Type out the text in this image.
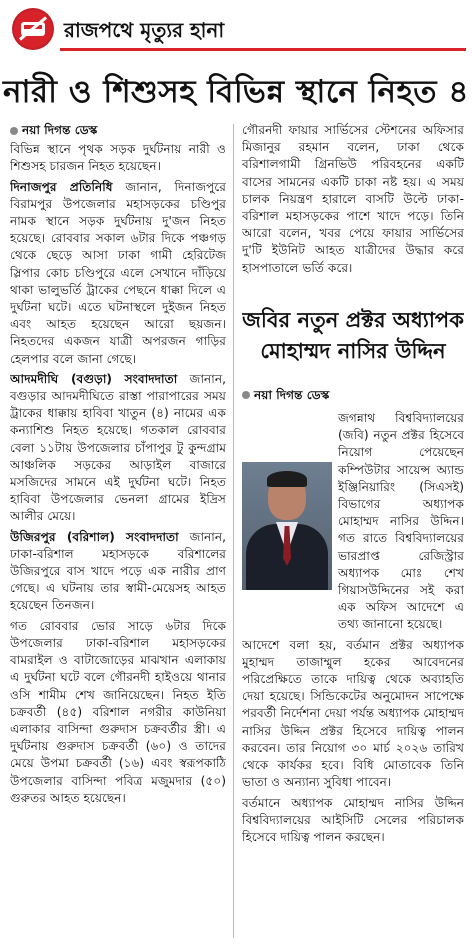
রাজপথে মৃত্যুর হানা
নারী ও শিশুসহ বিভিন্ন স্থানে নিহত ৪
নয়া দিগন্ত ডেস্ক

বিভিন্ন স্থানে পৃথক সড়ক দুর্ঘটনায় নারী ও শিশুসহ চারজন নিহত হয়েছেন।

দিনাজপুর প্রতিনিধি জানান, দিনাজপুরে বিরামপুর উপজেলার মহাসড়কের চণ্ডিপুর নামক স্থানে সড়ক দুর্ঘটনায় দু'জন নিহত হয়েছে। রোববার সকাল ৬টার দিকে পঞ্চগড় থেকে ছেড়ে আসা ঢাকা গামী হেরিটেজ স্লিপার কোচ চণ্ডিপুরে এলে সেখানে দাঁড়িয়ে থাকা ভালুভর্তি ট্রাকের পেছনে ধাক্কা দিলে এ দুর্ঘটনা ঘটে। এতে ঘটনাস্থলে দুইজন নিহত এবং আহত হয়েছেন আরো ছয়জন। নিহতদের একজন যাত্রী অপরজন গাড়ির হেলপার বলে জানা গেছে।

আদমদীঘি (বগুড়া) সংবাদদাতা জানান, বগুড়ার আদমদীঘিতে রাস্তা পারাপারের সময় ট্রাকের ধাক্কায় হাবিবা খাতুন (৪) নামের এক কন্যাশিশু নিহত হয়েছে। গতকাল রোববার বেলা ১১টায় উপজেলার চাঁপাপুর টু কুন্দগ্রাম আঞ্চলিক সড়কের আড়াইল বাজারে মসজিদের সামনে এই দুর্ঘটনা ঘটে। নিহত হাবিবা উপজেলার ভেনলা গ্রামের ইদ্রিস আলীর মেয়ে।

উজিরপুর (বরিশাল) সংবাদদাতা জানান, ঢাকা-বরিশাল মহাসড়কে বরিশালের উজিরপুরে বাস খাদে পড়ে এক নারীর প্রাণ গেছে। এ ঘটনায় তার স্বামী-মেয়েসহ আহত হয়েছেন তিনজন।

গত রোববার ভোর সাড়ে ৬টার দিকে উপজেলার ঢাকা-বরিশাল মহাসড়কের বামরাইল ও বাটাজোড়ের মাঝখান এলাকায় এ দুর্ঘটনা ঘটে বলে গৌরনদী হাইওয়ে থানার ওসি শামীম শেখ জানিয়েছেন। নিহত ইতি চক্রবর্তী (৪৫) বরিশাল নগরীর কাউনিয়া এলাকার বাসিন্দা গুরুদাস চক্রবর্তীর স্ত্রী। এ দুর্ঘটনায় গুরুদাস চক্রবর্তী (৬০) ও তাদের মেয়ে উপমা চক্রবর্তী (১৬) এবং স্বরূপকাঠি উপজেলার বাসিন্দা পবিত্র মজুমদার (৫০) গুরুতর আহত হয়েছেন।

গৌরনদী ফায়ার সার্ভিসের স্টেশনের অফিসার মিজানুর রহমান বলেন, ঢাকা থেকে বরিশালগামী গ্রিনভিউ পরিবহনের একটি বাসের সামনের একটি চাকা নষ্ট হয়। এ সময় চালক নিয়ন্ত্রণ হারালে বাসটি উল্টে ঢাকা-বরিশাল মহাসড়কের পাশে খাদে পড়ে। তিনি আরো বলেন, খবর পেয়ে ফায়ার সার্ভিসের দু'টি ইউনিট আহত যাত্রীদের উদ্ধার করে হাসপাতালে ভর্তি করে।

জবির নতুন প্রক্টর অধ্যাপক মোহাম্মদ নাসির উদ্দিন
নয়া দিগন্ত ডেস্ক

জগন্নাথ বিশ্ববিদ্যালয়ের (জবি) নতুন প্রক্টর হিসেবে নিয়োগ পেয়েছেন কম্পিউটার সায়েন্স অ্যান্ড ইঞ্জিনিয়ারিং (সিএসই) বিভাগের অধ্যাপক মোহাম্মদ নাসির উদ্দিন। গত রাতে বিশ্ববিদ্যালয়ের ভারপ্রাপ্ত রেজিস্ট্রার অধ্যাপক মোঃ শেখ গিয়াসউদ্দিনের সই করা এক অফিস আদেশে এ তথ্য জানানো হয়েছে।

আদেশে বলা হয়, বর্তমান প্রক্টর অধ্যাপক মুহাম্মদ তাজাম্মুল হকের আবেদনের পরিপ্রেক্ষিতে তাকে দায়িত্ব থেকে অব্যাহতি দেয়া হয়েছে। সিন্ডিকেটের অনুমোদন সাপেক্ষে পরবর্তী নির্দেশনা দেয়া পর্যন্ত অধ্যাপক মোহাম্মদ নাসির উদ্দিন প্রক্টর হিসেবে দায়িত্ব পালন করবেন। তার নিয়োগ ৩০ মার্চ ২০২৬ তারিখ থেকে কার্যকর হবে। বিধি মোতাবেক তিনি ভাতা ও অন্যান্য সুবিধা পাবেন।

বর্তমানে অধ্যাপক মোহাম্মদ নাসির উদ্দিন বিশ্ববিদ্যালয়ের আইসিটি সেলের পরিচালক হিসেবে দায়িত্ব পালন করছেন।
